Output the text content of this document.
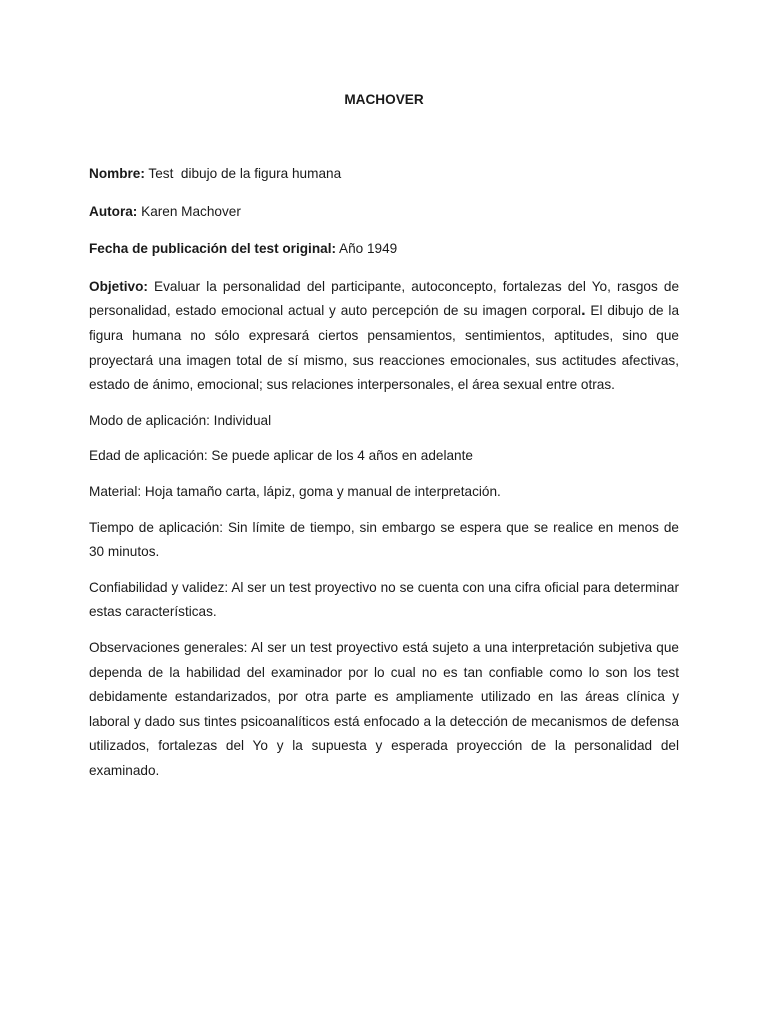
MACHOVER

Nombre: Test  dibujo de la figura humana

Autora: Karen Machover

Fecha de publicación del test original: Año 1949

Objetivo: Evaluar la personalidad del participante, autoconcepto, fortalezas del Yo, rasgos de personalidad, estado emocional actual y auto percepción de su imagen corporal. El dibujo de la figura humana no sólo expresará ciertos pensamientos, sentimientos, aptitudes, sino que proyectará una imagen total de sí mismo, sus reacciones emocionales, sus actitudes afectivas, estado de ánimo, emocional; sus relaciones interpersonales, el área sexual entre otras.

Modo de aplicación: Individual

Edad de aplicación: Se puede aplicar de los 4 años en adelante

Material: Hoja tamaño carta, lápiz, goma y manual de interpretación.

Tiempo de aplicación: Sin límite de tiempo, sin embargo se espera que se realice en menos de 30 minutos.

Confiabilidad y validez: Al ser un test proyectivo no se cuenta con una cifra oficial para determinar estas características.

Observaciones generales: Al ser un test proyectivo está sujeto a una interpretación subjetiva que dependa de la habilidad del examinador por lo cual no es tan confiable como lo son los test debidamente estandarizados, por otra parte es ampliamente utilizado en las áreas clínica y laboral y dado sus tintes psicoanalíticos está enfocado a la detección de mecanismos de defensa utilizados, fortalezas del Yo y la supuesta y esperada proyección de la personalidad del examinado.
